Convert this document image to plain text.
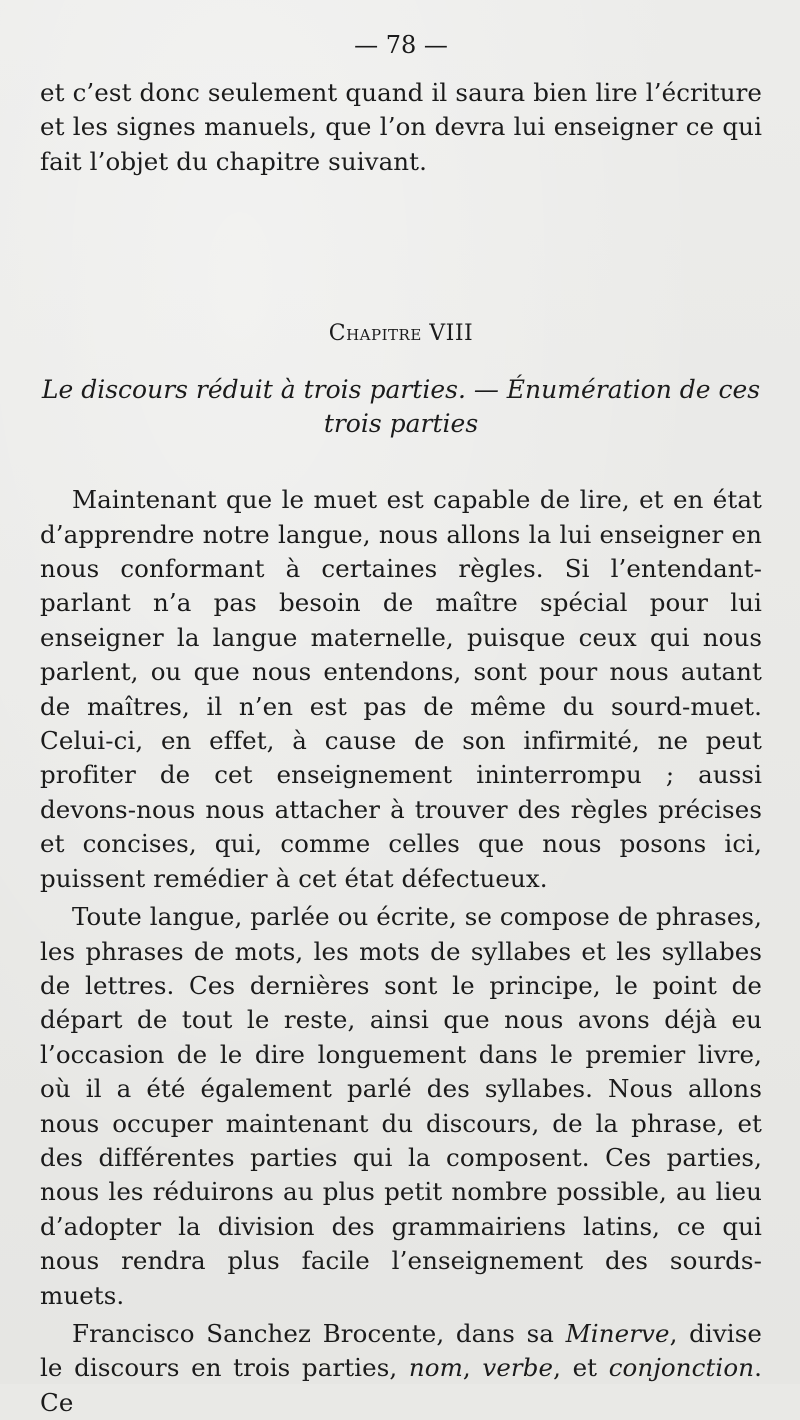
— 78 —

et c’est donc seulement quand il saura bien lire l’écriture et les signes manuels, que l’on devra lui enseigner ce qui fait l’objet du chapitre suivant.

Chapitre VIII
Le discours réduit à trois parties. — Énumération de ces trois parties

Maintenant que le muet est capable de lire, et en état d’apprendre notre langue, nous allons la lui enseigner en nous conformant à certaines règles. Si l’entendant-parlant n’a pas besoin de maître spécial pour lui enseigner la langue maternelle, puisque ceux qui nous parlent, ou que nous entendons, sont pour nous autant de maîtres, il n’en est pas de même du sourd-muet. Celui-ci, en effet, à cause de son infirmité, ne peut profiter de cet enseignement ininterrompu ; aussi devons-nous nous attacher à trouver des règles précises et concises, qui, comme celles que nous posons ici, puissent remédier à cet état défectueux.

Toute langue, parlée ou écrite, se compose de phrases, les phrases de mots, les mots de syllabes et les syllabes de lettres. Ces dernières sont le principe, le point de départ de tout le reste, ainsi que nous avons déjà eu l’occasion de le dire longuement dans le premier livre, où il a été également parlé des syllabes. Nous allons nous occuper maintenant du discours, de la phrase, et des différentes parties qui la composent. Ces parties, nous les réduirons au plus petit nombre possible, au lieu d’adopter la division des grammairiens latins, ce qui nous rendra plus facile l’enseignement des sourds-muets.

Francisco Sanchez Brocente, dans sa Minerve, divise le discours en trois parties, nom, verbe, et conjonction. Ce
